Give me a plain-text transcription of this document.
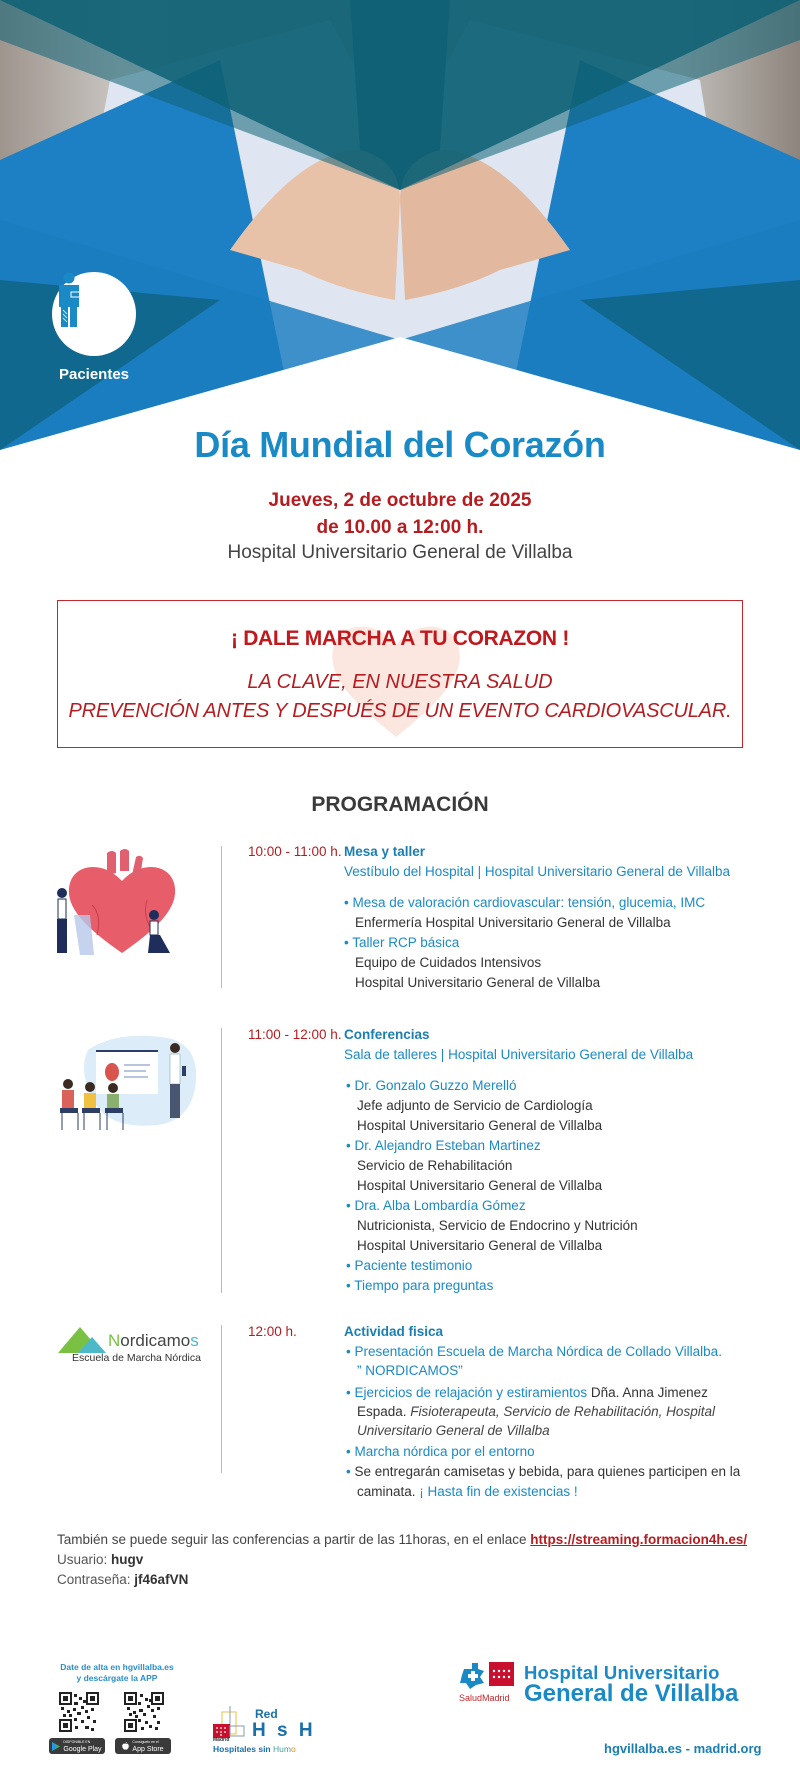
Pacientes
Día Mundial del Corazón
Jueves, 2 de octubre de 2025
de 10.00 a 12:00 h.
Hospital Universitario General de Villalba
¡ DALE MARCHA A TU CORAZON !
LA CLAVE, EN NUESTRA SALUD
PREVENCIÓN ANTES Y DESPUÉS DE UN EVENTO CARDIOVASCULAR.
PROGRAMACIÓN
10:00 - 11:00 h. Mesa y taller
Vestíbulo del Hospital | Hospital Universitario General de Villalba
• Mesa de valoración cardiovascular: tensión, glucemia, IMC
Enfermería Hospital Universitario General de Villalba
• Taller RCP básica
Equipo de Cuidados Intensivos
Hospital Universitario General de Villalba
11:00 - 12:00 h. Conferencias
Sala de talleres | Hospital Universitario General de Villalba
• Dr. Gonzalo Guzzo Merelló
Jefe adjunto de Servicio de Cardiología
Hospital Universitario General de Villalba
• Dr. Alejandro Esteban Martinez
Servicio de Rehabilitación
Hospital Universitario General de Villalba
• Dra. Alba Lombardía Gómez
Nutricionista, Servicio de Endocrino y Nutrición
Hospital Universitario General de Villalba
• Paciente testimonio
• Tiempo para preguntas
Nordicamos
Escuela de Marcha Nórdica
12:00 h.	Actividad fisica
• Presentación Escuela de Marcha Nórdica de Collado Villalba.
” NORDICAMOS”
• Ejercicios de relajación y estiramientos Dña. Anna Jimenez
Espada. Fisioterapeuta, Servicio de Rehabilitación, Hospital
Universitario General de Villalba
• Marcha nórdica por el entorno
• Se entregarán camisetas y bebida, para quienes participen en la
caminata. ¡ Hasta fin de existencias !
También se puede seguir las conferencias a partir de las 11horas, en el enlace https://streaming.formacion4h.es/
Usuario: hugv
Contraseña: jf46afVN
Date de alta en hgvillalba.es
y descárgate la APP
DISPONIBLE EN
Google Play
Consíguelo en el
App Store
Red
H s H
Madrid
Hospitales sin Humo
SaludMadrid
Hospital Universitario
General de Villalba
hgvillalba.es - madrid.org
